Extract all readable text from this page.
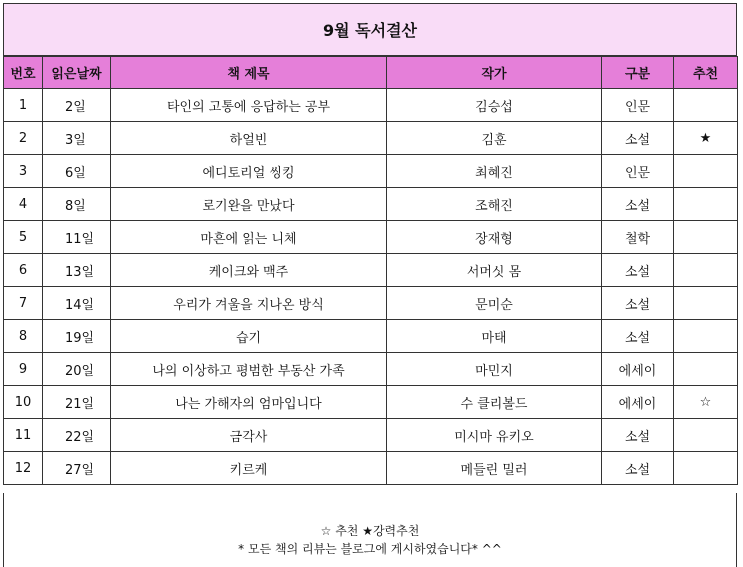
9월 독서결산
번호	읽은날짜	책 제목	작가	구분	추천
1	2일	타인의 고통에 응답하는 공부	김승섭	인문	
2	3일	하얼빈	김훈	소설	★
3	6일	에디토리얼 씽킹	최혜진	인문	
4	8일	로기완을 만났다	조해진	소설	
5	11일	마흔에 읽는 니체	장재형	철학	
6	13일	케이크와 맥주	서머싯 몸	소설	
7	14일	우리가 겨울을 지나온 방식	문미순	소설	
8	19일	습기	마태	소설	
9	20일	나의 이상하고 평범한 부동산 가족	마민지	에세이	
10	21일	나는 가해자의 엄마입니다	수 클리볼드	에세이	☆
11	22일	금각사	미시마 유키오	소설	
12	27일	키르케	메들린 밀러	소설	
☆ 추천 ★강력추천
* 모든 책의 리뷰는 블로그에 게시하였습니다* ^^
